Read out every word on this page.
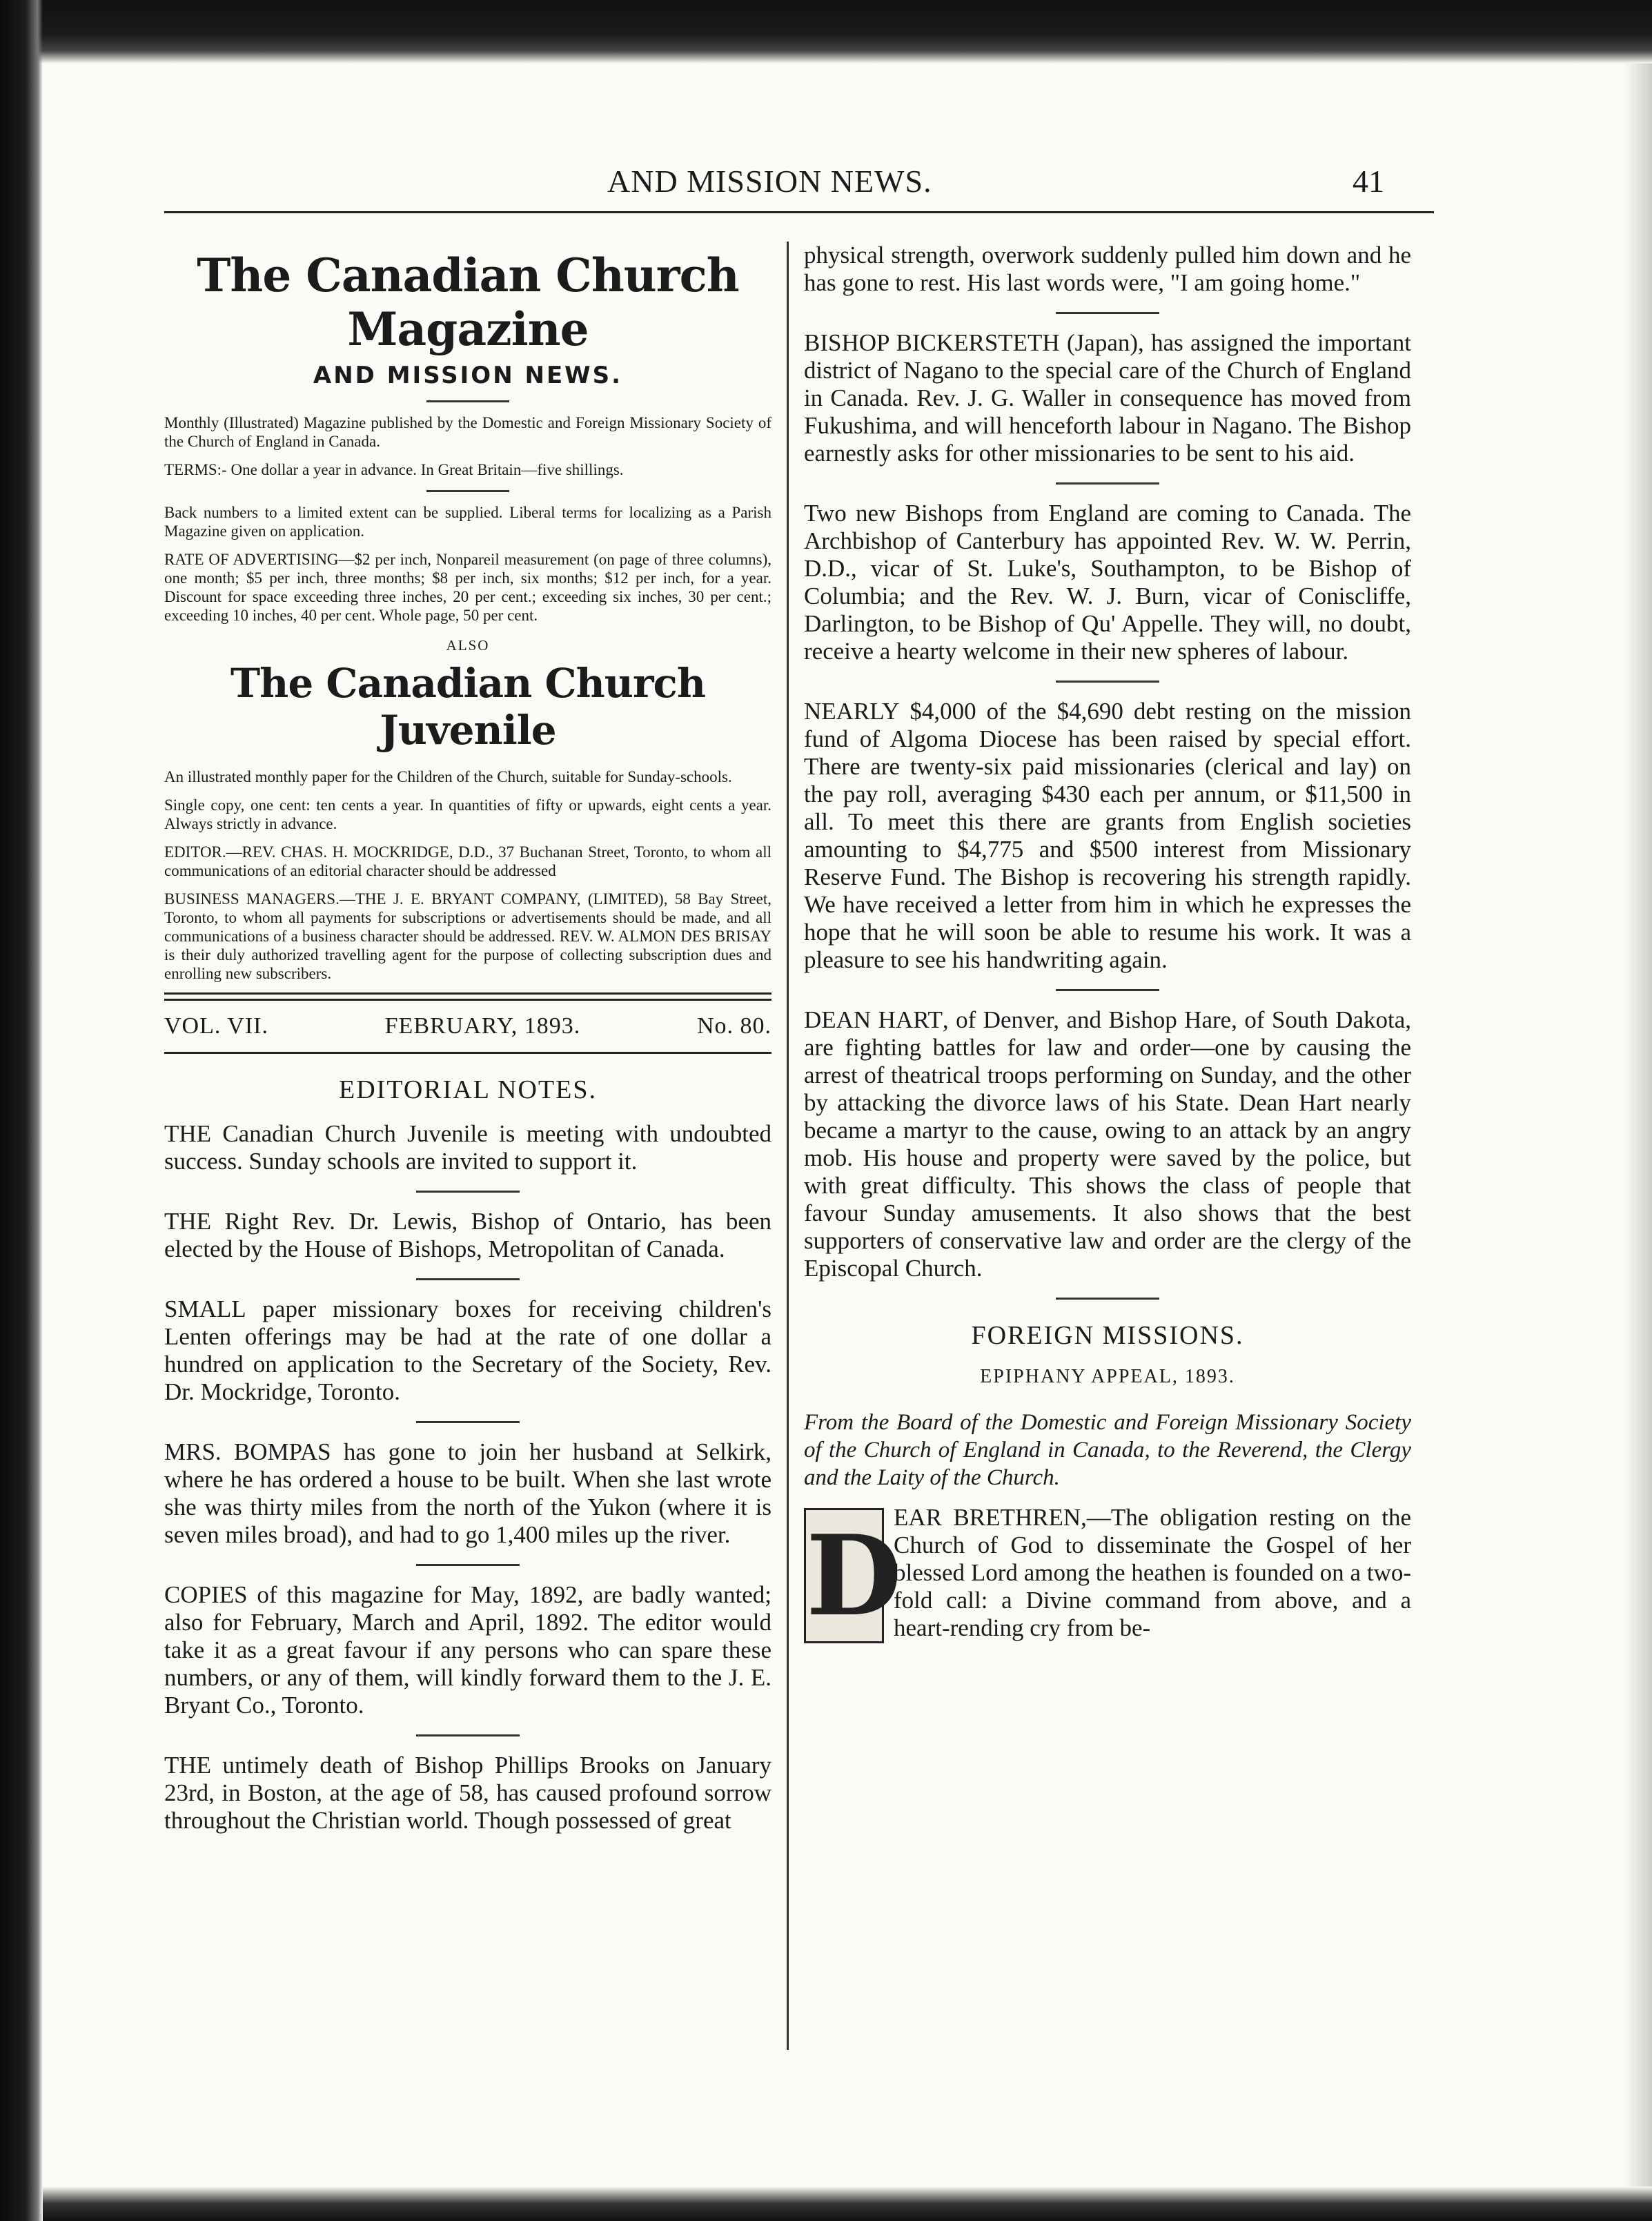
AND MISSION NEWS.	41
The Canadian Church Magazine
AND MISSION NEWS.

Monthly (Illustrated) Magazine published by the Domestic and Foreign Missionary Society of the Church of England in Canada.

TERMS:- One dollar a year in advance. In Great Britain—five shillings.

Back numbers to a limited extent can be supplied. Liberal terms for localizing as a Parish Magazine given on application.

RATE OF ADVERTISING—$2 per inch, Nonpareil measurement (on page of three columns), one month; $5 per inch, three months; $8 per inch, six months; $12 per inch, for a year. Discount for space exceeding three inches, 20 per cent.; exceeding six inches, 30 per cent.; exceeding 10 inches, 40 per cent. Whole page, 50 per cent.

ALSO
The Canadian Church Juvenile

An illustrated monthly paper for the Children of the Church, suitable for Sunday-schools.

Single copy, one cent: ten cents a year. In quantities of fifty or upwards, eight cents a year. Always strictly in advance.

EDITOR.—REV. CHAS. H. MOCKRIDGE, D.D., 37 Buchanan Street, Toronto, to whom all communications of an editorial character should be addressed

BUSINESS MANAGERS.—THE J. E. BRYANT COMPANY, (LIMITED), 58 Bay Street, Toronto, to whom all payments for subscriptions or advertisements should be made, and all communications of a business character should be addressed. REV. W. ALMON DES BRISAY is their duly authorized travelling agent for the purpose of collecting subscription dues and enrolling new subscribers.

VOL. VII.	FEBRUARY, 1893.	No. 80.
EDITORIAL NOTES.

THE Canadian Church Juvenile is meeting with undoubted success. Sunday schools are invited to support it.

THE Right Rev. Dr. Lewis, Bishop of Ontario, has been elected by the House of Bishops, Metropolitan of Canada.

SMALL paper missionary boxes for receiving children's Lenten offerings may be had at the rate of one dollar a hundred on application to the Secretary of the Society, Rev. Dr. Mockridge, Toronto.

MRS. BOMPAS has gone to join her husband at Selkirk, where he has ordered a house to be built. When she last wrote she was thirty miles from the north of the Yukon (where it is seven miles broad), and had to go 1,400 miles up the river.

COPIES of this magazine for May, 1892, are badly wanted; also for February, March and April, 1892. The editor would take it as a great favour if any persons who can spare these numbers, or any of them, will kindly forward them to the J. E. Bryant Co., Toronto.

THE untimely death of Bishop Phillips Brooks on January 23rd, in Boston, at the age of 58, has caused profound sorrow throughout the Christian world. Though possessed of great

physical strength, overwork suddenly pulled him down and he has gone to rest. His last words were, "I am going home."

BISHOP BICKERSTETH (Japan), has assigned the important district of Nagano to the special care of the Church of England in Canada. Rev. J. G. Waller in consequence has moved from Fukushima, and will henceforth labour in Nagano. The Bishop earnestly asks for other missionaries to be sent to his aid.

Two new Bishops from England are coming to Canada. The Archbishop of Canterbury has appointed Rev. W. W. Perrin, D.D., vicar of St. Luke's, Southampton, to be Bishop of Columbia; and the Rev. W. J. Burn, vicar of Coniscliffe, Darlington, to be Bishop of Qu' Appelle. They will, no doubt, receive a hearty welcome in their new spheres of labour.

NEARLY $4,000 of the $4,690 debt resting on the mission fund of Algoma Diocese has been raised by special effort. There are twenty-six paid missionaries (clerical and lay) on the pay roll, averaging $430 each per annum, or $11,500 in all. To meet this there are grants from English societies amounting to $4,775 and $500 interest from Missionary Reserve Fund. The Bishop is recovering his strength rapidly. We have received a letter from him in which he expresses the hope that he will soon be able to resume his work. It was a pleasure to see his handwriting again.

DEAN HART, of Denver, and Bishop Hare, of South Dakota, are fighting battles for law and order—one by causing the arrest of theatrical troops performing on Sunday, and the other by attacking the divorce laws of his State. Dean Hart nearly became a martyr to the cause, owing to an attack by an angry mob. His house and property were saved by the police, but with great difficulty. This shows the class of people that favour Sunday amusements. It also shows that the best supporters of conservative law and order are the clergy of the Episcopal Church.

FOREIGN MISSIONS.
EPIPHANY APPEAL, 1893.

From the Board of the Domestic and Foreign Missionary Society of the Church of England in Canada, to the Reverend, the Clergy and the Laity of the Church.

D

EAR BRETHREN,—The obligation resting on the Church of God to disseminate the Gospel of her blessed Lord among the heathen is founded on a two-fold call: a Divine command from above, and a heart-rending cry from be-
